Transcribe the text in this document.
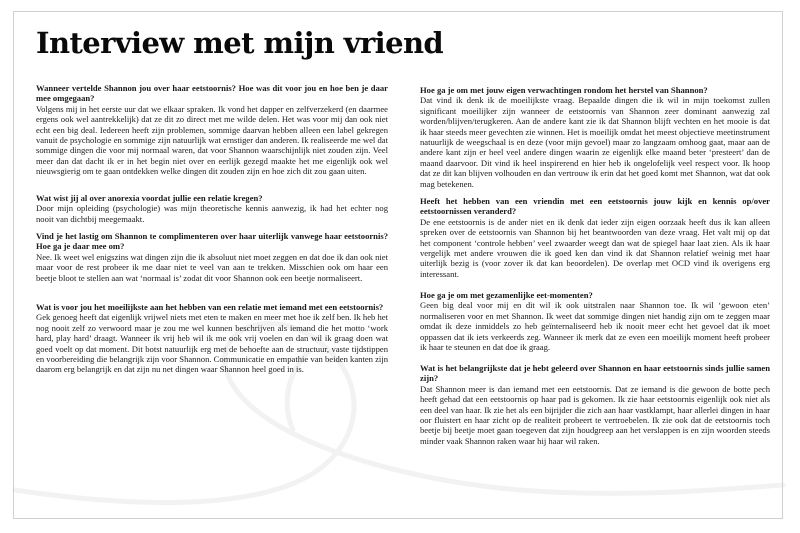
Interview met mijn vriend

Wanneer vertelde Shannon jou over haar eetstoornis? Hoe was dit voor jou en hoe ben je daar mee omgegaan?

Volgens mij in het eerste uur dat we elkaar spraken. Ik vond het dapper en zelfverzekerd (en daarmee ergens ook wel aantrekkelijk) dat ze dit zo direct met me wilde delen. Het was voor mij dan ook niet echt een big deal. Iedereen heeft zijn problemen, sommige daarvan hebben alleen een label gekregen vanuit de psychologie en sommige zijn natuurlijk wat ernstiger dan anderen. Ik realiseerde me wel dat sommige dingen die voor mij normaal waren, dat voor Shannon waarschijnlijk niet zouden zijn. Veel meer dan dat dacht ik er in het begin niet over en eerlijk gezegd maakte het me eigenlijk ook wel nieuwsgierig om te gaan ontdekken welke dingen dit zouden zijn en hoe zich dit zou gaan uiten.

Wat wist jij al over anorexia voordat jullie een relatie kregen?

Door mijn opleiding (psychologie) was mijn theoretische kennis aanwezig, ik had het echter nog nooit van dichtbij meegemaakt.

Vind je het lastig om Shannon te complimenteren over haar uiterlijk vanwege haar eetstoornis? Hoe ga je daar mee om?

Nee. Ik weet wel enigszins wat dingen zijn die ik absoluut niet moet zeggen en dat doe ik dan ook niet maar voor de rest probeer ik me daar niet te veel van aan te trekken. Misschien ook om haar een beetje bloot te stellen aan wat ‘normaal is’ zodat dit voor Shannon ook een beetje normaliseert.

Wat is voor jou het moeilijkste aan het hebben van een relatie met iemand met een eetstoornis?

Gek genoeg heeft dat eigenlijk vrijwel niets met eten te maken en meer met hoe ik zelf ben. Ik heb het nog nooit zelf zo verwoord maar je zou me wel kunnen beschrijven als iemand die het motto ‘work hard, play hard’ draagt. Wanneer ik vrij heb wil ik me ook vrij voelen en dan wil ik graag doen wat goed voelt op dat moment. Dit botst natuurlijk erg met de behoefte aan de structuur, vaste tijdstippen en voorbereiding die belangrijk zijn voor Shannon. Communicatie en empathie van beiden kanten zijn daarom erg belangrijk en dat zijn nu net dingen waar Shannon heel goed in is.

Hoe ga je om met jouw eigen verwachtingen rondom het herstel van Shannon?

Dat vind ik denk ik de moeilijkste vraag. Bepaalde dingen die ik wil in mijn toekomst zullen significant moeilijker zijn wanneer de eetstoornis van Shannon zeer dominant aanwezig zal worden/blijven/terugkeren. Aan de andere kant zie ik dat Shannon blijft vechten en het mooie is dat ik haar steeds meer gevechten zie winnen. Het is moeilijk omdat het meest objectieve meetinstrument natuurlijk de weegschaal is en deze (voor mijn gevoel) maar zo langzaam omhoog gaat, maar aan de andere kant zijn er heel veel andere dingen waarin ze eigenlijk elke maand beter ‘presteert’ dan de maand daarvoor. Dit vind ik heel inspirerend en hier heb ik ongelofelijk veel respect voor. Ik hoop dat ze dit kan blijven volhouden en dan vertrouw ik erin dat het goed komt met Shannon, wat dat ook mag betekenen.

Heeft het hebben van een vriendin met een eetstoornis jouw kijk en kennis op/over eetstoornissen veranderd?

De ene eetstoornis is de ander niet en ik denk dat ieder zijn eigen oorzaak heeft dus ik kan alleen spreken over de eetstoornis van Shannon bij het beantwoorden van deze vraag. Het valt mij op dat het component ‘controle hebben’ veel zwaarder weegt dan wat de spiegel haar laat zien. Als ik haar vergelijk met andere vrouwen die ik goed ken dan vind ik dat Shannon relatief weinig met haar uiterlijk bezig is (voor zover ik dat kan beoordelen). De overlap met OCD vind ik overigens erg interessant.

Hoe ga je om met gezamenlijke eet-momenten?

Geen big deal voor mij en dit wil ik ook uitstralen naar Shannon toe. Ik wil ‘gewoon eten’ normaliseren voor en met Shannon. Ik weet dat sommige dingen niet handig zijn om te zeggen maar omdat ik deze inmiddels zo heb geïnternaliseerd heb ik nooit meer echt het gevoel dat ik moet oppassen dat ik iets verkeerds zeg. Wanneer ik merk dat ze even een moeilijk moment heeft probeer ik haar te steunen en dat doe ik graag.

Wat is het belangrijkste dat je hebt geleerd over Shannon en haar eetstoornis sinds jullie samen zijn?

Dat Shannon meer is dan iemand met een eetstoornis. Dat ze iemand is die gewoon de botte pech heeft gehad dat een eetstoornis op haar pad is gekomen. Ik zie haar eetstoornis eigenlijk ook niet als een deel van haar. Ik zie het als een bijrijder die zich aan haar vastklampt, haar allerlei dingen in haar oor fluistert en haar zicht op de realiteit probeert te vertroebelen. Ik zie ook dat de eetstoornis toch beetje bij beetje moet gaan toegeven dat zijn houdgreep aan het verslappen is en zijn woorden steeds minder vaak Shannon raken waar hij haar wil raken.
